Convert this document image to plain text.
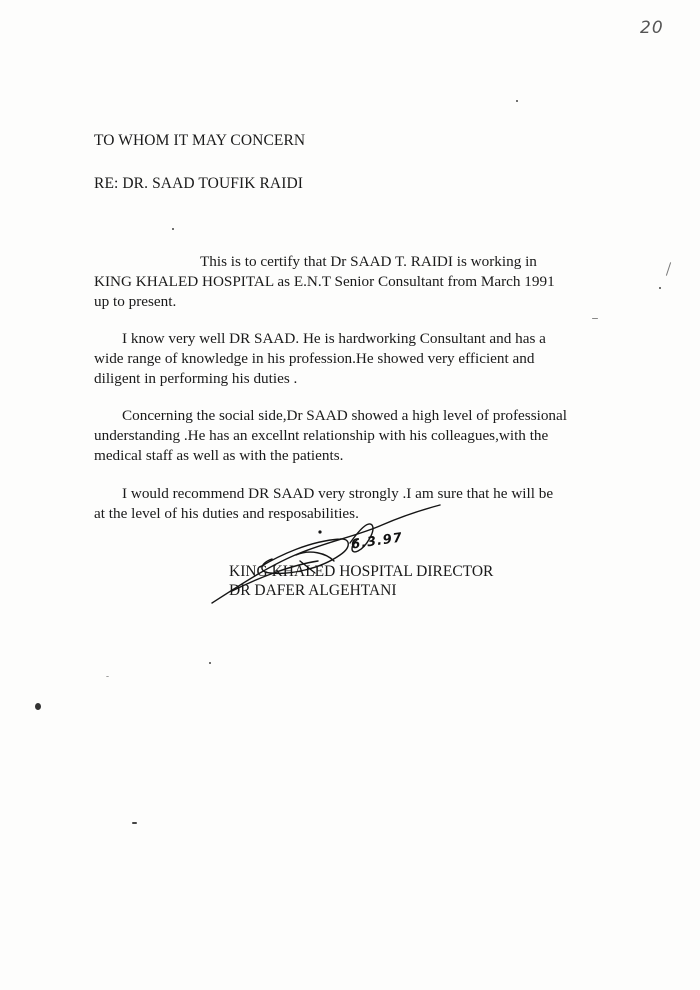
20
TO WHOM IT MAY CONCERN
RE: DR. SAAD TOUFIK RAIDI
This is to certify that Dr SAAD T. RAIDI is working in
KING KHALED HOSPITAL as E.N.T Senior Consultant from March 1991
up to present.
I know very well DR SAAD. He is hardworking Consultant and has a
wide range of knowledge in his profession.He showed very efficient and
diligent in performing his duties .
Concerning the social side,Dr SAAD showed a high level of professional
understanding .He has an excellnt relationship with his colleagues,with the
medical staff as well as with the patients.
I would recommend DR SAAD very strongly .I am sure that he will be
at the level of his duties and resposabilities.
KING KHALED HOSPITAL DIRECTOR
DR DAFER ALGEHTANI
6.3.97
